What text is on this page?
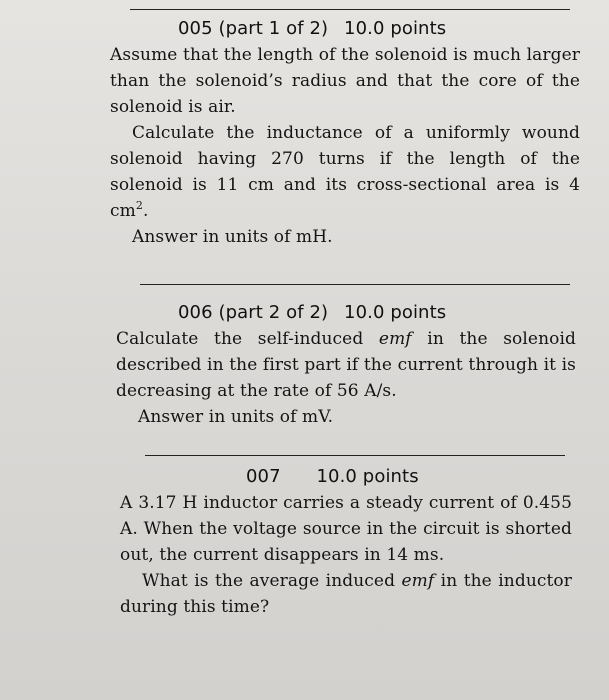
005 (part 1 of 2) 10.0 points

Assume that the length of the solenoid is much larger than the solenoid’s radius and that the core of the solenoid is air.

Calculate the inductance of a uniformly wound solenoid having 270 turns if the length of the solenoid is 11 cm and its cross-sectional area is 4 $cm^2$.

Answer in units of mH.

006 (part 2 of 2) 10.0 points

Calculate the self-induced emf in the solenoid described in the first part if the current through it is decreasing at the rate of 56 A/s.

Answer in units of mV.

007 10.0 points

A 3.17 H inductor carries a steady current of 0.455 A. When the voltage source in the circuit is shorted out, the current disappears in 14 ms.

What is the average induced emf in the inductor during this time?
